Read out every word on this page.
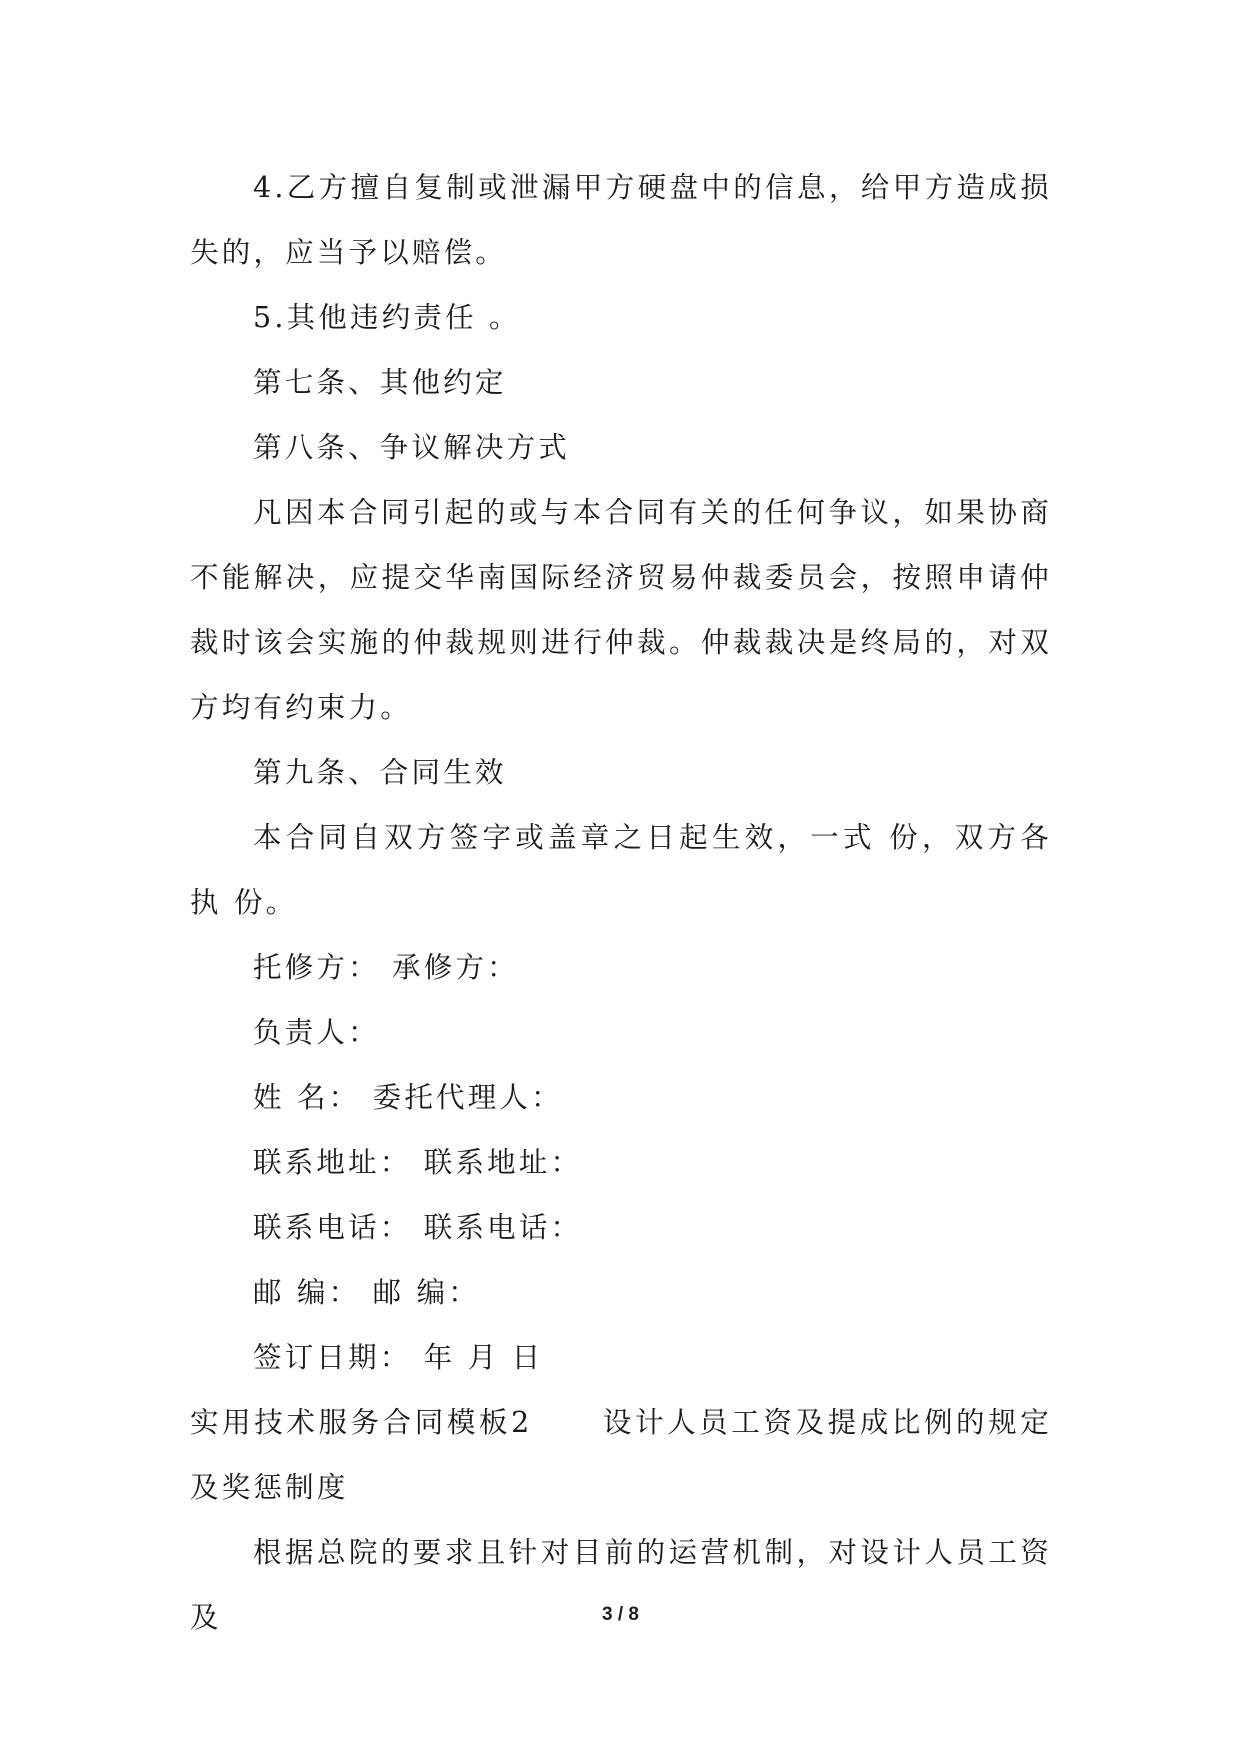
4.乙方擅自复制或泄漏甲方硬盘中的信息，给甲方造成损失的，应当予以赔偿。

5.其他违约责任 。

第七条、其他约定

第八条、争议解决方式

凡因本合同引起的或与本合同有关的任何争议，如果协商不能解决，应提交华南国际经济贸易仲裁委员会，按照申请仲裁时该会实施的仲裁规则进行仲裁。仲裁裁决是终局的，对双方均有约束力。

第九条、合同生效

本合同自双方签字或盖章之日起生效，一式 份，双方各执 份。

托修方： 承修方：

负责人：

姓 名： 委托代理人：

联系地址： 联系地址：

联系电话： 联系电话：

邮 编： 邮 编：

签订日期： 年 月 日

实用技术服务合同模板2 设计人员工资及提成比例的规定及奖惩制度

根据总院的要求且针对目前的运营机制，对设计人员工资及	3 / 8
